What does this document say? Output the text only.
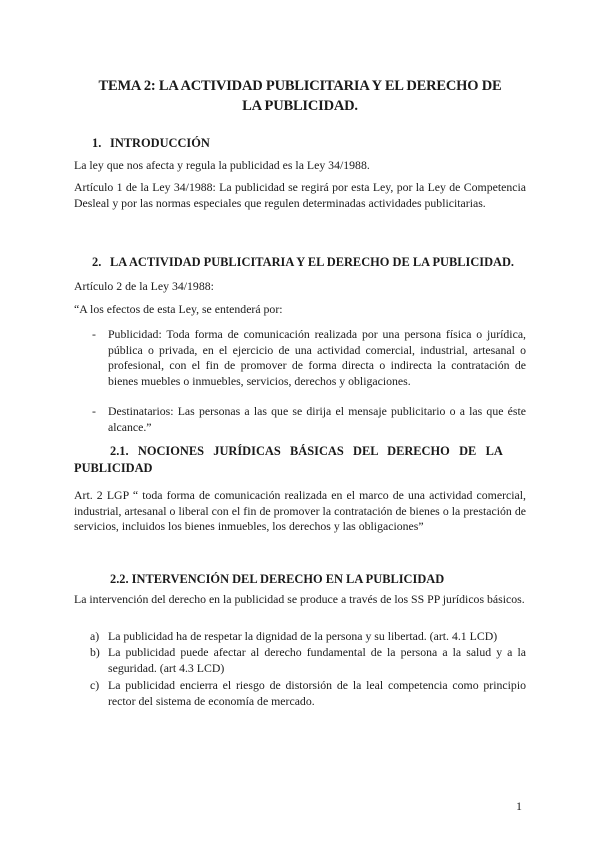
TEMA 2: LA ACTIVIDAD PUBLICITARIA Y EL DERECHO DE
LA PUBLICIDAD.
1. INTRODUCCIÓN
La ley que nos afecta y regula la publicidad es la Ley 34/1988.
Artículo 1 de la Ley 34/1988: La publicidad se regirá por esta Ley, por la Ley de Competencia Desleal y por las normas especiales que regulen determinadas actividades publicitarias.
2. LA ACTIVIDAD PUBLICITARIA Y EL DERECHO DE LA PUBLICIDAD.
Artículo 2 de la Ley 34/1988:
“A los efectos de esta Ley, se entenderá por:
- Publicidad: Toda forma de comunicación realizada por una persona física o jurídica, pública o privada, en el ejercicio de una actividad comercial, industrial, artesanal o profesional, con el fin de promover de forma directa o indirecta la contratación de bienes muebles o inmuebles, servicios, derechos y obligaciones.
- Destinatarios: Las personas a las que se dirija el mensaje publicitario o a las que éste alcance.”
2.1.   NOCIONES   JURÍDICAS   BÁSICAS   DEL   DERECHO   DE   LA
PUBLICIDAD
Art. 2 LGP “ toda forma de comunicación realizada en el marco de una actividad comercial, industrial, artesanal o liberal con el fin de promover la contratación de bienes o la prestación de servicios, incluidos los bienes inmuebles, los derechos y las obligaciones”
2.2. INTERVENCIÓN DEL DERECHO EN LA PUBLICIDAD
La intervención del derecho en la publicidad se produce a través de los SS PP jurídicos básicos.
a) La publicidad ha de respetar la dignidad de la persona y su libertad. (art. 4.1 LCD)
b) La publicidad puede afectar al derecho fundamental de la persona a la salud y a la seguridad. (art 4.3 LCD)
c) La publicidad encierra el riesgo de distorsión de la leal competencia como principio rector del sistema de economía de mercado.
1
